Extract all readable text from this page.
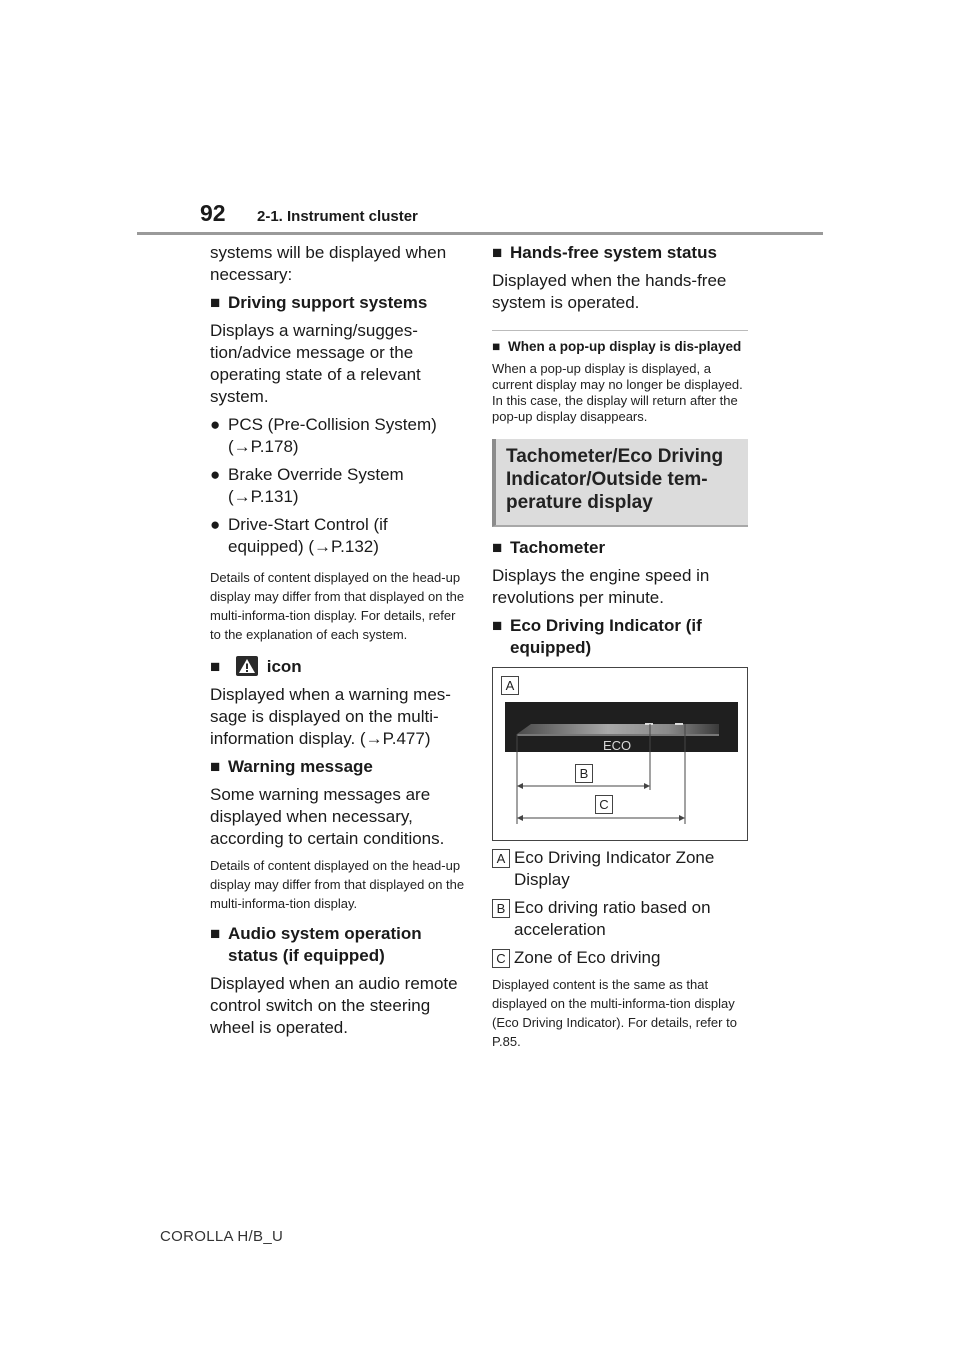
92 2-1. Instrument cluster

systems will be displayed when necessary:

■ Driving support systems

Displays a warning/sugges-tion/advice message or the operating state of a relevant system.

● PCS (Pre-Collision System) (→P.178)
● Brake Override System (→P.131)
● Drive-Start Control (if equipped) (→P.132)

Details of content displayed on the head-up display may differ from that displayed on the multi-informa-tion display. For details, refer to the explanation of each system.

■	icon

Displayed when a warning mes-sage is displayed on the multi-information display. (→P.477)

■ Warning message

Some warning messages are displayed when necessary, according to certain conditions.

Details of content displayed on the head-up display may differ from that displayed on the multi-informa-tion display.

■ Audio system operation status (if equipped)

Displayed when an audio remote control switch on the steering wheel is operated.

■ Hands-free system status

Displayed when the hands-free system is operated.

■ When a pop-up display is dis-played

When a pop-up display is displayed, a current display may no longer be displayed. In this case, the display will return after the pop-up display disappears.

Tachometer/Eco Driving Indicator/Outside tem-perature display
■ Tachometer

Displays the engine speed in revolutions per minute.

■ Eco Driving Indicator (if equipped)
A
ECO
B
C
A Eco Driving Indicator Zone Display
B Eco driving ratio based on acceleration
C Zone of Eco driving

Displayed content is the same as that displayed on the multi-informa-tion display (Eco Driving Indicator). For details, refer to P.85.

COROLLA H/B_U
